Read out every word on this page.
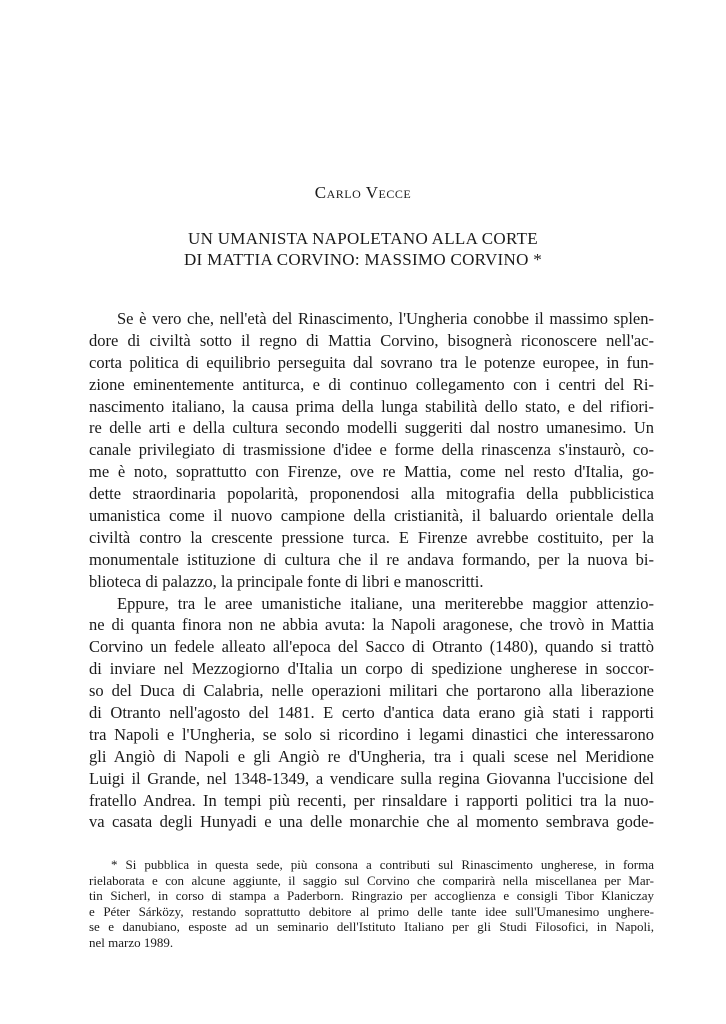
Carlo Vecce
UN UMANISTA NAPOLETANO ALLA CORTE
DI MATTIA CORVINO: MASSIMO CORVINO *
Se è vero che, nell'età del Rinascimento, l'Ungheria conobbe il massimo splen-
dore di civiltà sotto il regno di Mattia Corvino, bisognerà riconoscere nell'ac-
corta politica di equilibrio perseguita dal sovrano tra le potenze europee, in fun-
zione eminentemente antiturca, e di continuo collegamento con i centri del Ri-
nascimento italiano, la causa prima della lunga stabilità dello stato, e del rifiori-
re delle arti e della cultura secondo modelli suggeriti dal nostro umanesimo. Un
canale privilegiato di trasmissione d'idee e forme della rinascenza s'instaurò, co-
me è noto, soprattutto con Firenze, ove re Mattia, come nel resto d'Italia, go-
dette straordinaria popolarità, proponendosi alla mitografia della pubblicistica
umanistica come il nuovo campione della cristianità, il baluardo orientale della
civiltà contro la crescente pressione turca. E Firenze avrebbe costituito, per la
monumentale istituzione di cultura che il re andava formando, per la nuova bi-
blioteca di palazzo, la principale fonte di libri e manoscritti.
Eppure, tra le aree umanistiche italiane, una meriterebbe maggior attenzio-
ne di quanta finora non ne abbia avuta: la Napoli aragonese, che trovò in Mattia
Corvino un fedele alleato all'epoca del Sacco di Otranto (1480), quando si trattò
di inviare nel Mezzogiorno d'Italia un corpo di spedizione ungherese in soccor-
so del Duca di Calabria, nelle operazioni militari che portarono alla liberazione
di Otranto nell'agosto del 1481. E certo d'antica data erano già stati i rapporti
tra Napoli e l'Ungheria, se solo si ricordino i legami dinastici che interessarono
gli Angiò di Napoli e gli Angiò re d'Ungheria, tra i quali scese nel Meridione
Luigi il Grande, nel 1348-1349, a vendicare sulla regina Giovanna l'uccisione del
fratello Andrea. In tempi più recenti, per rinsaldare i rapporti politici tra la nuo-
va casata degli Hunyadi e una delle monarchie che al momento sembrava gode-
* Si pubblica in questa sede, più consona a contributi sul Rinascimento ungherese, in forma
rielaborata e con alcune aggiunte, il saggio sul Corvino che comparirà nella miscellanea per Mar-
tin Sicherl, in corso di stampa a Paderborn. Ringrazio per accoglienza e consigli Tibor Klaniczay
e Péter Sárközy, restando soprattutto debitore al primo delle tante idee sull'Umanesimo unghere-
se e danubiano, esposte ad un seminario dell'Istituto Italiano per gli Studi Filosofici, in Napoli,
nel marzo 1989.
